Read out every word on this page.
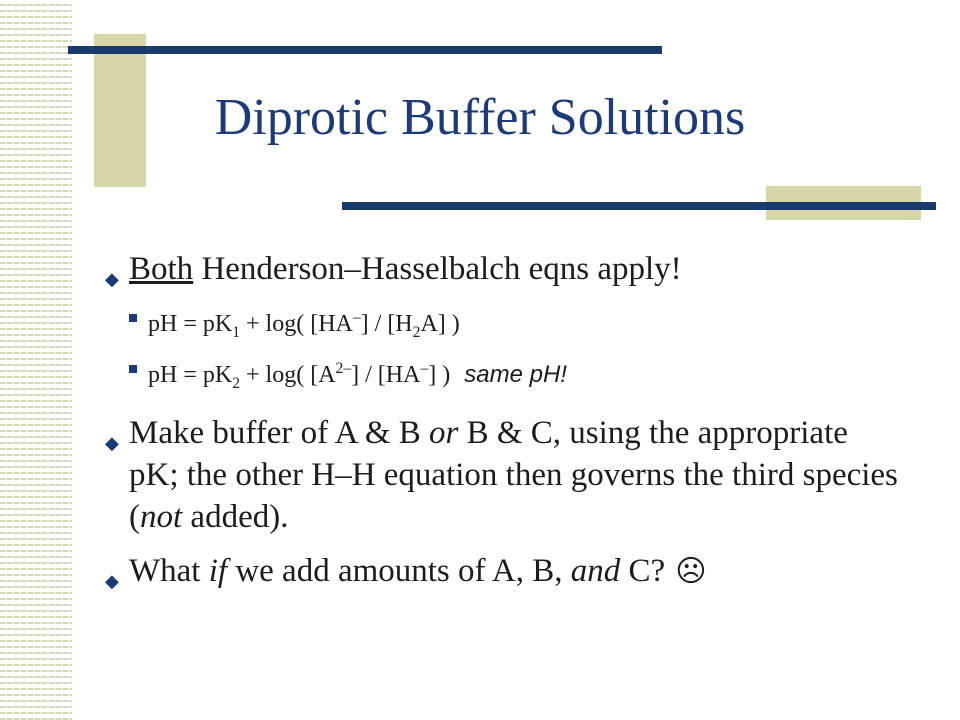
Diprotic Buffer Solutions
◆ Both Henderson–Hasselbalch eqns apply!
pH = $pK_1 + \log$( $[HA^-] / [H_2A]$ )
pH = $pK_2 + \log$( $[A^{2-}] / [HA^-]$ ) same pH!
◆ Make buffer of A & B or B & C, using the appropriate pK; the other H–H equation then governs the third species (not added).
◆ What if we add amounts of A, B, and C? ☹
